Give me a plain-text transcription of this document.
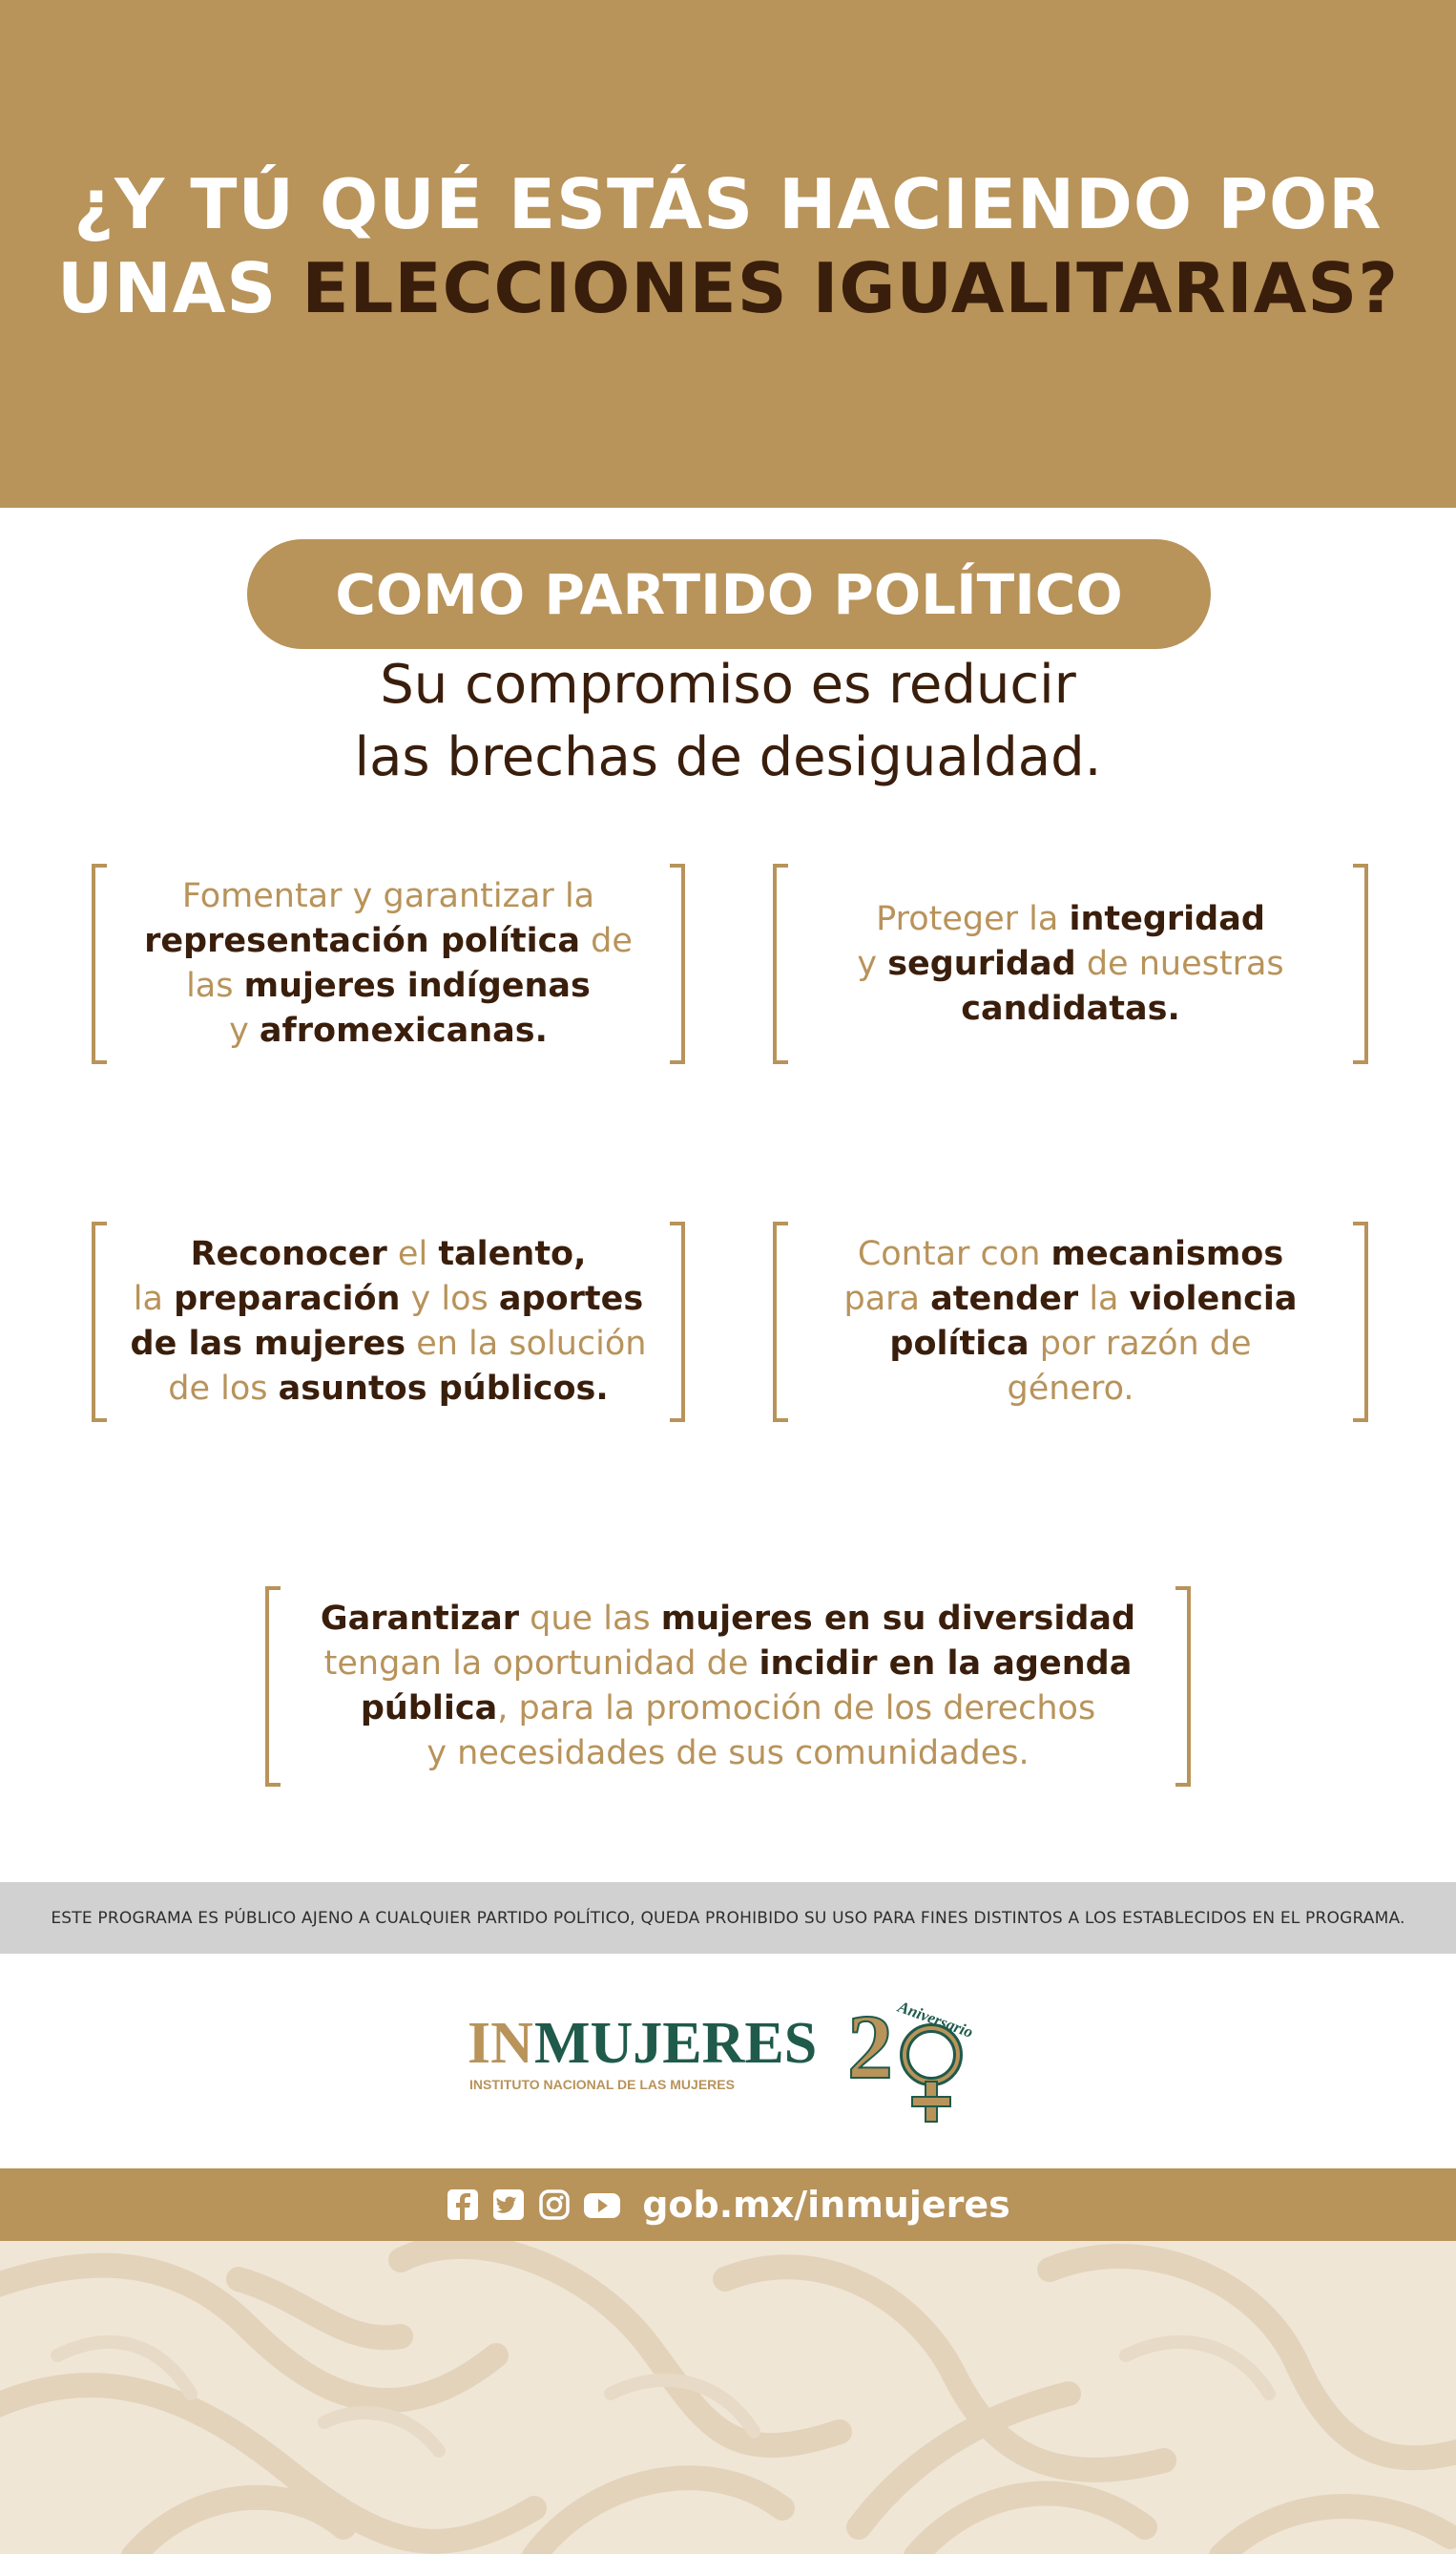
¿Y TÚ QUÉ ESTÁS HACIENDO POR
UNAS ELECCIONES IGUALITARIAS?
COMO PARTIDO POLÍTICO
Su compromiso es reducir
las brechas de desigualdad.
Fomentar y garantizar la
representación política de
las mujeres indígenas
y afromexicanas.
Proteger la integridad
y seguridad de nuestras
candidatas.
Reconocer el talento,
la preparación y los aportes
de las mujeres en la solución
de los asuntos públicos.
Contar con mecanismos
para atender la violencia
política por razón de
género.
Garantizar que las mujeres en su diversidad
tengan la oportunidad de incidir en la agenda
pública, para la promoción de los derechos
y necesidades de sus comunidades.
ESTE PROGRAMA ES PÚBLICO AJENO A CUALQUIER PARTIDO POLÍTICO, QUEDA PROHIBIDO SU USO PARA FINES DISTINTOS A LOS ESTABLECIDOS EN EL PROGRAMA.
IN MUJERES
INSTITUTO NACIONAL DE LAS MUJERES 2 Aniversario
gob.mx/inmujeres
